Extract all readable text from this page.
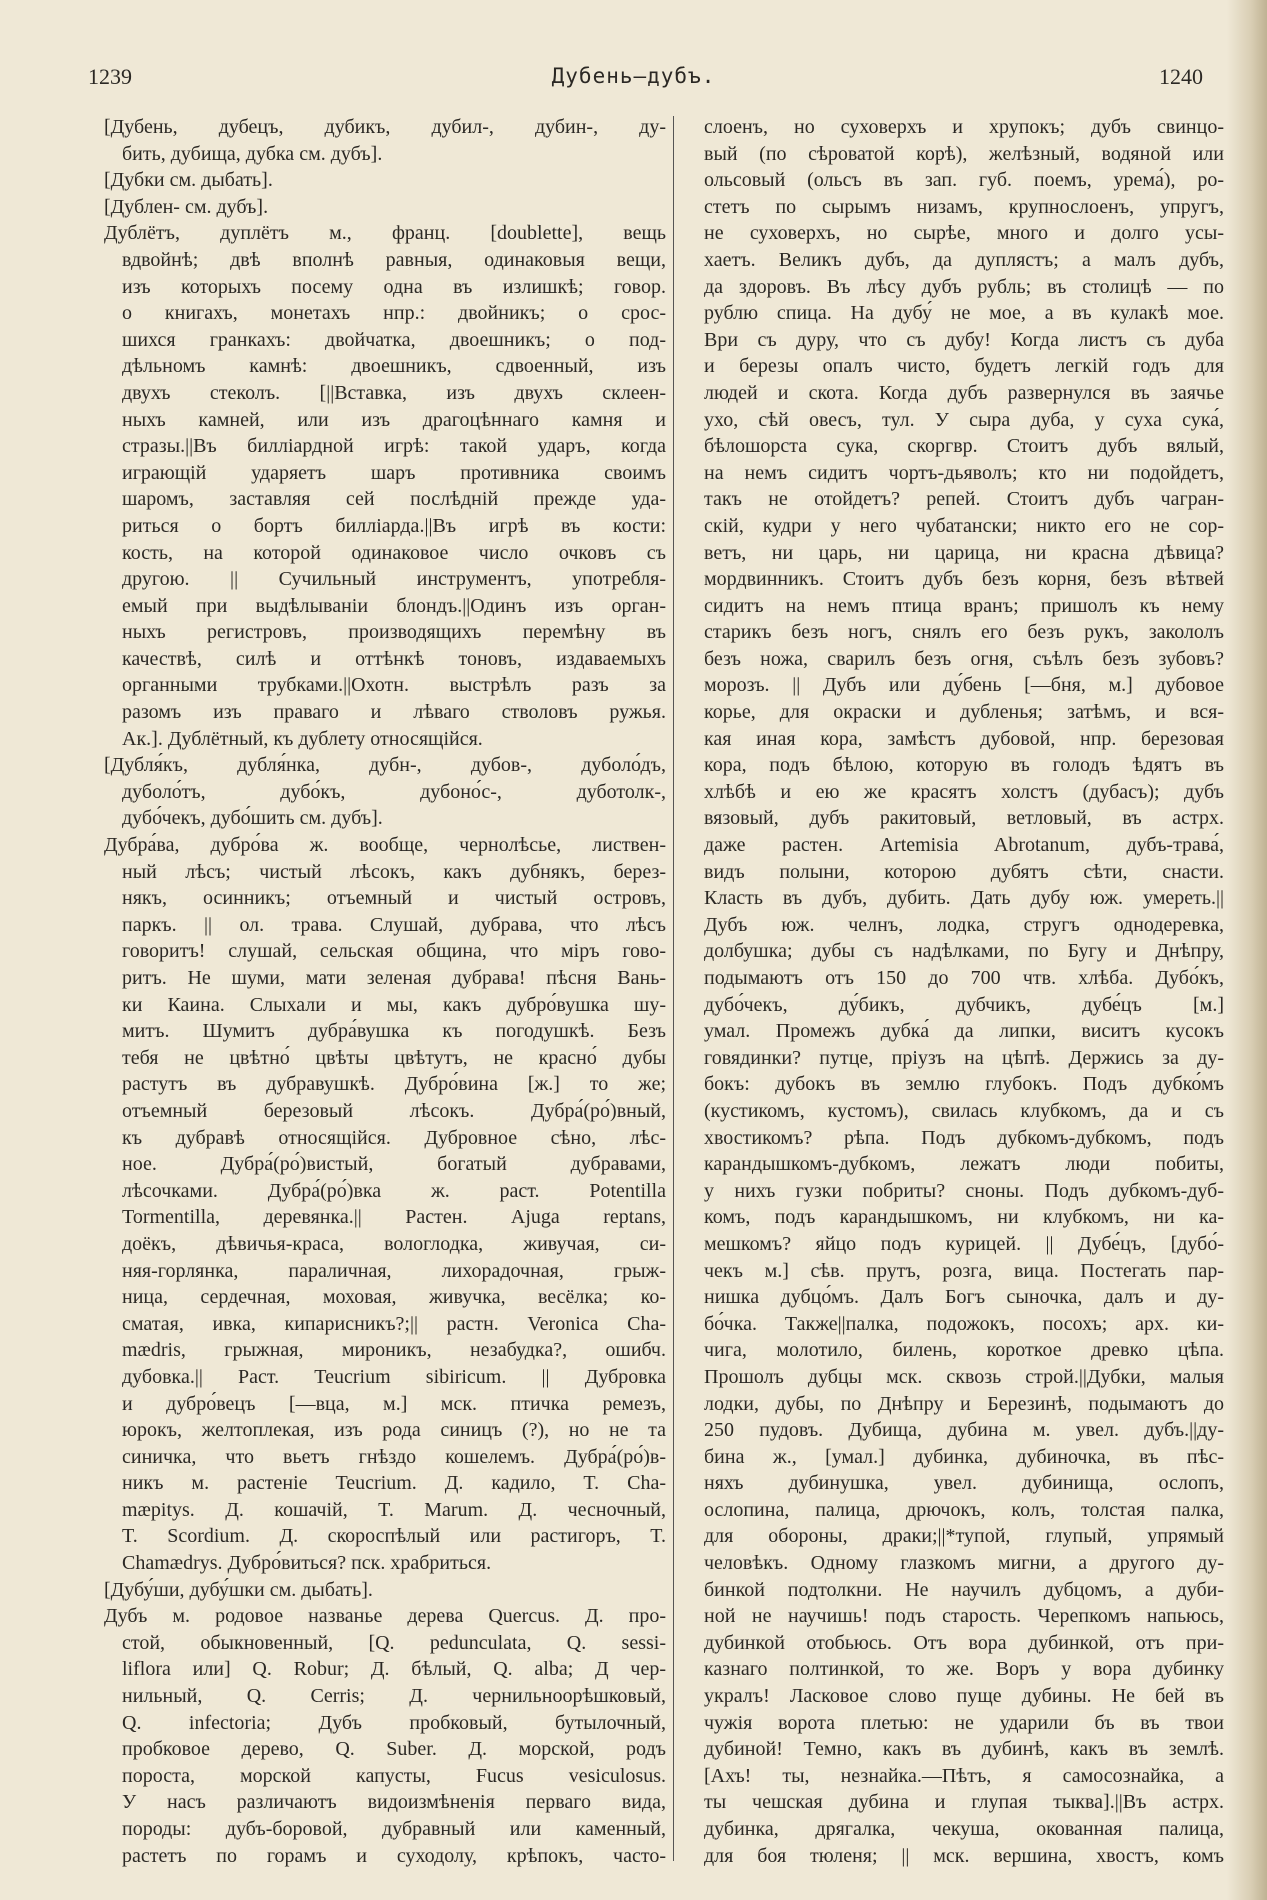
1239	Дубень—дубъ.	1240
[Дубень, дубецъ, дубикъ, дубил-, дубин-, ду-
бить, дубища, дубка см. дубъ].
[Дубки см. дыбать].
[Дублен- см. дубъ].
Дублётъ, дуплётъ м., франц. [doublette], вещь
вдвойнѣ; двѣ вполнѣ равныя, одинаковыя вещи,
изъ которыхъ посему одна въ излишкѣ; говор.
о книгахъ, монетахъ нпр.: двойникъ; о срос-
шихся гранкахъ: двойчатка, двоешникъ; о под-
дѣльномъ камнѣ: двоешникъ, сдвоенный, изъ
двухъ стеколъ. [||Вставка, изъ двухъ склеен-
ныхъ камней, или изъ драгоцѣннаго камня и
стразы.||Въ билліардной игрѣ: такой ударъ, когда
играющій ударяетъ шаръ противника своимъ
шаромъ, заставляя сей послѣдній прежде уда-
риться о бортъ билліарда.||Въ игрѣ въ кости:
кость, на которой одинаковое число очковъ съ
другою. || Сучильный инструментъ, употребля-
емый при выдѣлываніи блондъ.||Одинъ изъ орган-
ныхъ регистровъ, производящихъ перемѣну въ
качествѣ, силѣ и оттѣнкѣ тоновъ, издаваемыхъ
органными трубками.||Охотн. выстрѣлъ разъ за
разомъ изъ праваго и лѣваго стволовъ ружья.
Ак.]. Дублётный, къ дублету относящійся.
[Дубля́къ, дубля́нка, дубн-, дубов-, дуболо́дъ,
дуболо́тъ, дубо́къ, дубоно́с-, дуботолк-,
дубо́чекъ, дубо́шить см. дубъ].
Дубра́ва, дубро́ва ж. вообще, чернолѣсье, листвен-
ный лѣсъ; чистый лѣсокъ, какъ дубнякъ, берез-
някъ, осинникъ; отъемный и чистый островъ,
паркъ. || ол. трава. Слушай, дубрава, что лѣсъ
говоритъ! слушай, сельская община, что міръ гово-
ритъ. Не шуми, мати зеленая дубрава! пѣсня Вань-
ки Каина. Слыхали и мы, какъ дубро́вушка шу-
митъ. Шумитъ дубра́вушка къ погодушкѣ. Безъ
тебя не цвѣтно́ цвѣты цвѣтутъ, не красно́ дубы
растутъ въ дубравушкѣ. Дубро́вина [ж.] то же;
отъемный березовый лѣсокъ. Дубра́(ро́)вный,
къ дубравѣ относящійся. Дубровное сѣно, лѣс-
ное. Дубра́(ро́)вистый, богатый дубравами,
лѣсочками. Дубра́(ро́)вка ж. раст. Potentilla
Tormentilla, деревянка.|| Растен. Ajuga reptans,
доёкъ, дѣвичья-краса, вологлодка, живучая, си-
няя-горлянка, параличная, лихорадочная, грыж-
ница, сердечная, моховая, живучка, весёлка; ко-
сматая, ивка, кипарисникъ?;|| растн. Veronica Cha-
mædris, грыжная, мироникъ, незабудка?, ошибч.
дубовка.|| Раст. Teucrium sibiricum. || Дубровка
и дубро́вецъ [—вца, м.] мск. птичка ремезъ,
юрокъ, желтоплекая, изъ рода синицъ (?), но не та
синичка, что вьетъ гнѣздо кошелемъ. Дубра́(ро́)в-
никъ м. растеніе Teucrium. Д. кадило, T. Cha-
mæpitys. Д. кошачій, T. Marum. Д. чесночный,
T. Scordium. Д. скороспѣлый или растигоръ, T.
Chamædrys. Дубро́виться? пск. храбриться.
[Дубу́ши, дубу́шки см. дыбать].
Дубъ м. родовое названье дерева Quercus. Д. про-
стой, обыкновенный, [Q. pedunculata, Q. sessi-
liflora или] Q. Robur; Д. бѣлый, Q. alba; Д чер-
нильный, Q. Cerris; Д. чернильноорѣшковый,
Q. infectoria; Дубъ пробковый, бутылочный,
пробковое дерево, Q. Suber. Д. морской, родъ
пороста, морской капусты, Fucus vesiculosus.
У насъ различаютъ видоизмѣненія перваго вида,
породы: дубъ-боровой, дубравный или каменный,
растетъ по горамъ и суходолу, крѣпокъ, часто-
слоенъ, но суховерхъ и хрупокъ; дубъ свинцо-
вый (по сѣроватой корѣ), желѣзный, водяной или
ольсовый (ольсъ въ зап. губ. поемъ, урема́), ро-
стетъ по сырымъ низамъ, крупнослоенъ, упругъ,
не суховерхъ, но сырѣе, много и долго усы-
хаетъ. Великъ дубъ, да дуплястъ; а малъ дубъ,
да здоровъ. Въ лѣсу дубъ рубль; въ столицѣ — по
рублю спица. На дубу́ не мое, а въ кулакѣ мое.
Ври съ дуру, что съ дубу! Когда листъ съ дуба
и березы опалъ чисто, будетъ легкій годъ для
людей и скота. Когда дубъ развернулся въ заячье
ухо, сѣй овесъ, тул. У сыра дуба, у суха сука́,
бѣлошорста сука, скоргвр. Стоитъ дубъ вялый,
на немъ сидитъ чортъ-дьяволъ; кто ни подойдетъ,
такъ не отойдетъ? репей. Стоитъ дубъ чагран-
скій, кудри у него чубатански; никто его не сор-
ветъ, ни царь, ни царица, ни красна дѣвица?
мордвинникъ. Стоитъ дубъ безъ корня, безъ вѣтвей
сидитъ на немъ птица вранъ; пришолъ къ нему
старикъ безъ ногъ, снялъ его безъ рукъ, закололъ
безъ ножа, сварилъ безъ огня, съѣлъ безъ зубовъ?
морозъ. || Дубъ или ду́бень [—бня, м.] дубовое
корье, для окраски и дубленья; затѣмъ, и вся-
кая иная кора, замѣстъ дубовой, нпр. березовая
кора, подъ бѣлою, которую въ голодъ ѣдятъ въ
хлѣбѣ и ею же красятъ холстъ (дубасъ); дубъ
вязовый, дубъ ракитовый, ветловый, въ астрх.
даже растен. Artemisia Abrotanum, дубъ-трава́,
видъ полыни, которою дубятъ сѣти, снасти.
Класть въ дубъ, дубить. Дать дубу юж. умереть.||
Дубъ юж. челнъ, лодка, стругъ однодеревка,
долбушка; дубы съ надѣлками, по Бугу и Днѣпру,
подымаютъ отъ 150 до 700 чтв. хлѣба. Дубо́къ,
дубо́чекъ, ду́бикъ, дубчикъ, дубе́цъ [м.]
умал. Промежъ дубка́ да липки, виситъ кусокъ
говядинки? путце, пріузъ на цѣпѣ. Держись за ду-
бокъ: дубокъ въ землю глубокъ. Подъ дубко́мъ
(кустикомъ, кустомъ), свилась клубкомъ, да и съ
хвостикомъ? рѣпа. Подъ дубкомъ-дубкомъ, подъ
карандышкомъ-дубкомъ, лежатъ люди побиты,
у нихъ гузки побриты? сноны. Подъ дубкомъ-дуб-
комъ, подъ карандышкомъ, ни клубкомъ, ни ка-
мешкомъ? яйцо подъ курицей. || Дубе́цъ, [дубо́-
чекъ м.] сѣв. прутъ, розга, вица. Постегать пар-
нишка дубцо́мъ. Далъ Богъ сыночка, далъ и ду-
бо́чка. Также||палка, подожокъ, посохъ; арх. ки-
чига, молотило, билень, короткое древко цѣпа.
Прошолъ дубцы мск. сквозь строй.||Дубки, малыя
лодки, дубы, по Днѣпру и Березинѣ, подымаютъ до
250 пудовъ. Дубища, дубина м. увел. дубъ.||ду-
бина ж., [умал.] дубинка, дубиночка, въ пѣс-
няхъ дубинушка, увел. дубинища, ослопъ,
ослопина, палица, дрючокъ, колъ, толстая палка,
для обороны, драки;||*тупой, глупый, упрямый
человѣкъ. Одному глазкомъ мигни, а другого ду-
бинкой подтолкни. Не научилъ дубцомъ, а дуби-
ной не научишь! подъ старость. Черепкомъ напьюсь,
дубинкой отобьюсь. Отъ вора дубинкой, отъ при-
казнаго полтинкой, то же. Воръ у вора дубинку
укралъ! Ласковое слово пуще дубины. Не бей въ
чужія ворота плетью: не ударили бъ въ твои
дубиной! Темно, какъ въ дубинѣ, какъ въ землѣ.
[Ахъ! ты, незнайка.—Пѣтъ, я самосознайка, а
ты чешская дубина и глупая тыква].||Въ астрх.
дубинка, дрягалка, чекуша, окованная палица,
для боя тюленя; || мск. вершина, хвостъ, комъ
